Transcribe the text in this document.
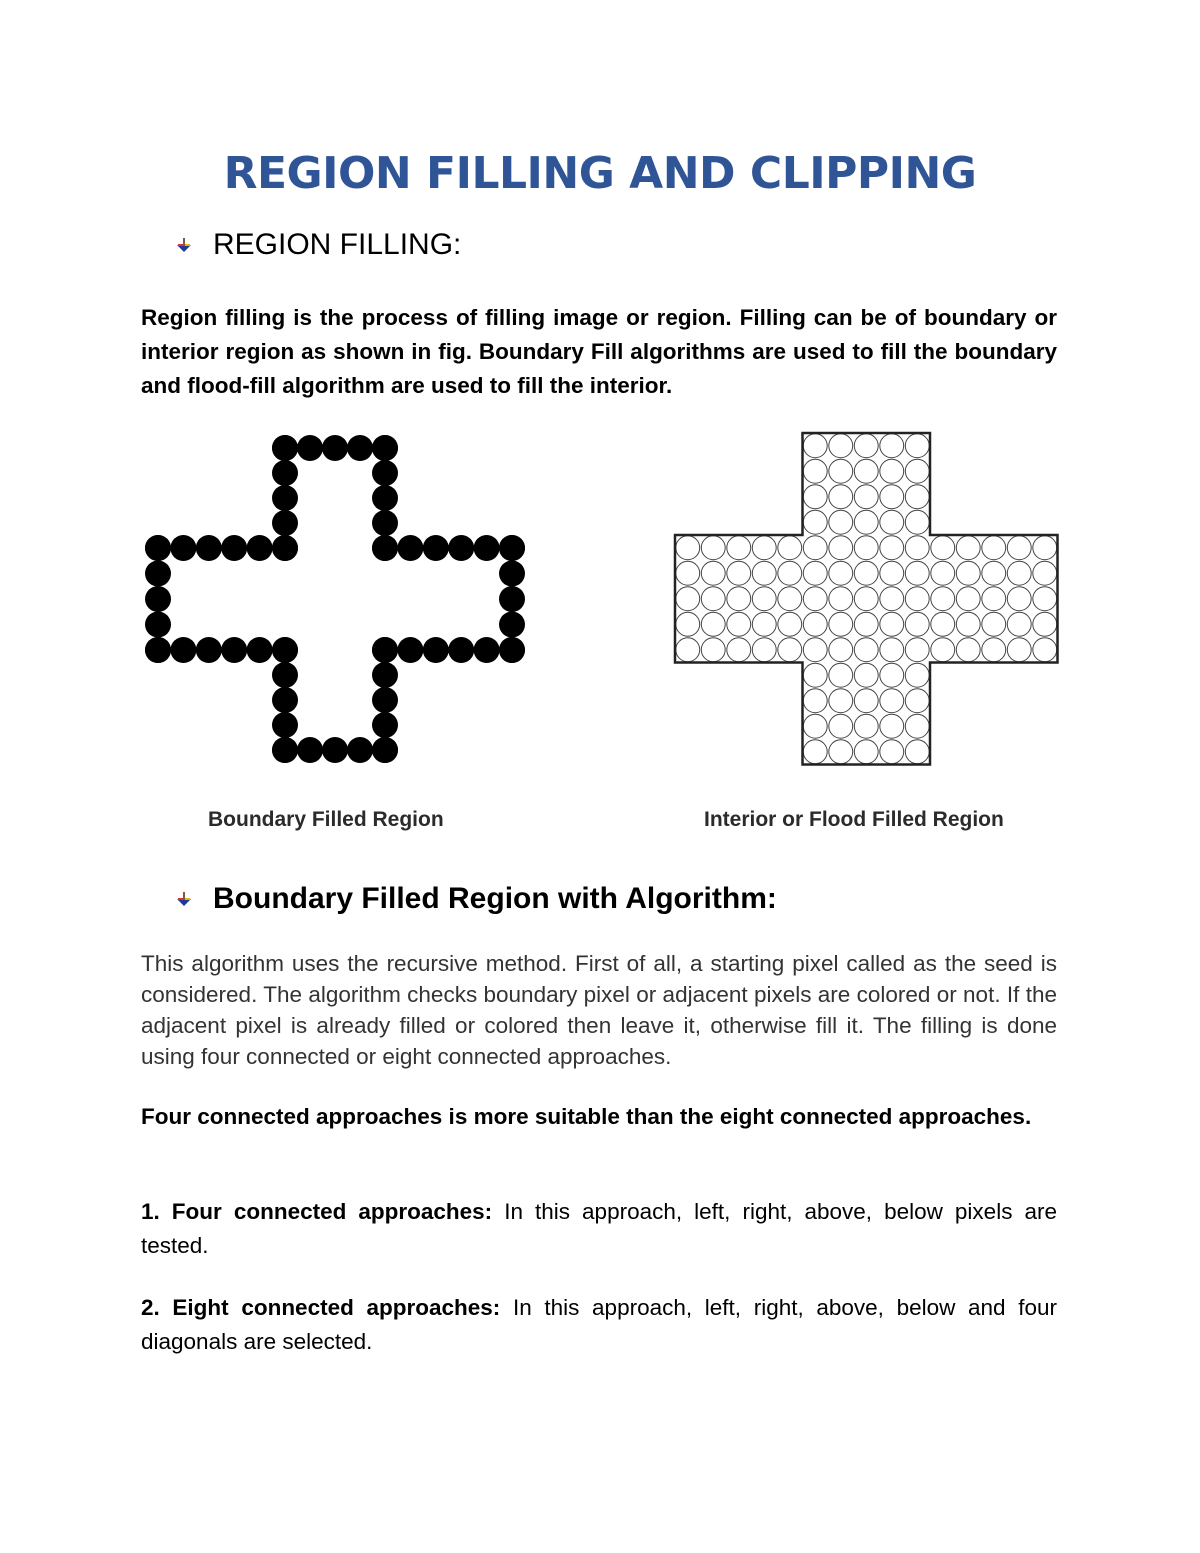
REGION FILLING AND CLIPPING
REGION FILLING:

Region filling is the process of filling image or region. Filling can be of boundary or interior region as shown in fig. Boundary Fill algorithms are used to fill the boundary and flood-fill algorithm are used to fill the interior.

Boundary Filled Region	Interior or Flood Filled Region

Boundary Filled Region with Algorithm:

This algorithm uses the recursive method. First of all, a starting pixel called as the seed is considered. The algorithm checks boundary pixel or adjacent pixels are colored or not. If the adjacent pixel is already filled or colored then leave it, otherwise fill it. The filling is done using four connected or eight connected approaches.

Four connected approaches is more suitable than the eight connected approaches.

1. Four connected approaches: In this approach, left, right, above, below pixels are tested.

2. Eight connected approaches: In this approach, left, right, above, below and four diagonals are selected.
